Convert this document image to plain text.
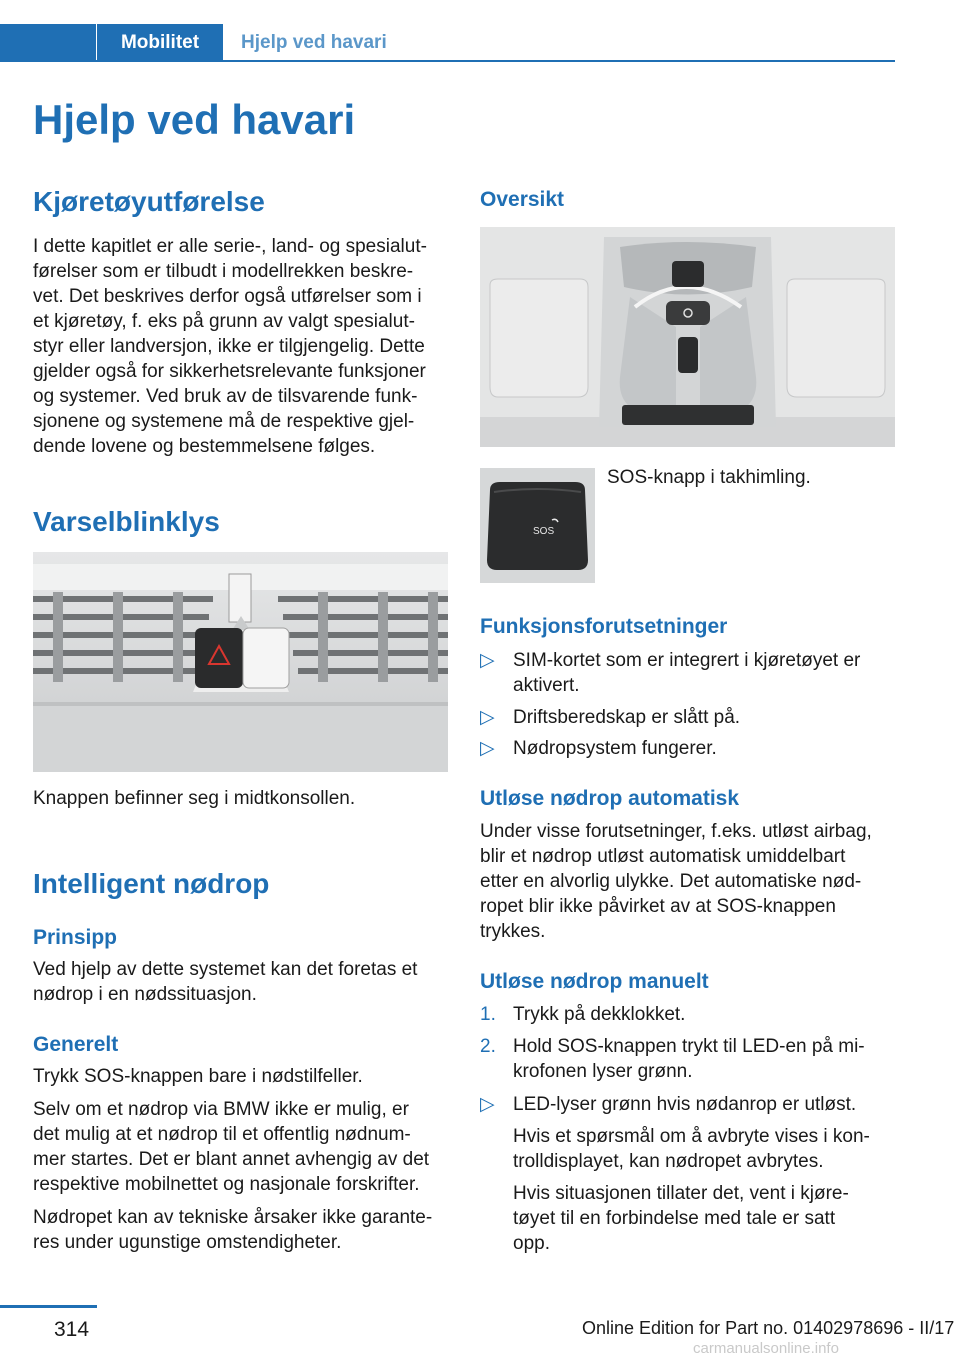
Mobilitet	Hjelp ved havari
Hjelp ved havari
Kjøretøyutførelse
I dette kapitlet er alle serie-, land- og spesialut-
førelser som er tilbudt i modellrekken beskre-
vet. Det beskrives derfor også utførelser som i
et kjøretøy, f. eks på grunn av valgt spesialut-
styr eller landversjon, ikke er tilgjengelig. Dette
gjelder også for sikkerhetsrelevante funksjoner
og systemer. Ved bruk av de tilsvarende funk-
sjonene og systemene må de respektive gjel-
dende lovene og bestemmelsene følges.
Varselblinklys
Knappen befinner seg i midtkonsollen.
Intelligent nødrop
Prinsipp
Ved hjelp av dette systemet kan det foretas et
nødrop i en nødssituasjon.
Generelt
Trykk SOS-knappen bare i nødstilfeller.
Selv om et nødrop via BMW ikke er mulig, er
det mulig at et nødrop til et offentlig nødnum-
mer startes. Det er blant annet avhengig av det
respektive mobilnettet og nasjonale forskrifter.
Nødropet kan av tekniske årsaker ikke garante-
res under ugunstige omstendigheter.
Oversikt
SOS
SOS-knapp i takhimling.
Funksjonsforutsetninger
▷ SIM-kortet som er integrert i kjøretøyet er
aktivert.
▷ Driftsberedskap er slått på.
▷ Nødropsystem fungerer.
Utløse nødrop automatisk
Under visse forutsetninger, f.eks. utløst airbag,
blir et nødrop utløst automatisk umiddelbart
etter en alvorlig ulykke. Det automatiske nød-
ropet blir ikke påvirket av at SOS-knappen
trykkes.
Utløse nødrop manuelt
1. Trykk på dekklokket.
2. Hold SOS-knappen trykt til LED-en på mi-
krofonen lyser grønn.
▷ LED-lyser grønn hvis nødanrop er utløst.
Hvis et spørsmål om å avbryte vises i kon-
trolldisplayet, kan nødropet avbrytes.
Hvis situasjonen tillater det, vent i kjøre-
tøyet til en forbindelse med tale er satt
opp.
314	Online Edition for Part no. 01402978696 - II/17
carmanualsonline.info
